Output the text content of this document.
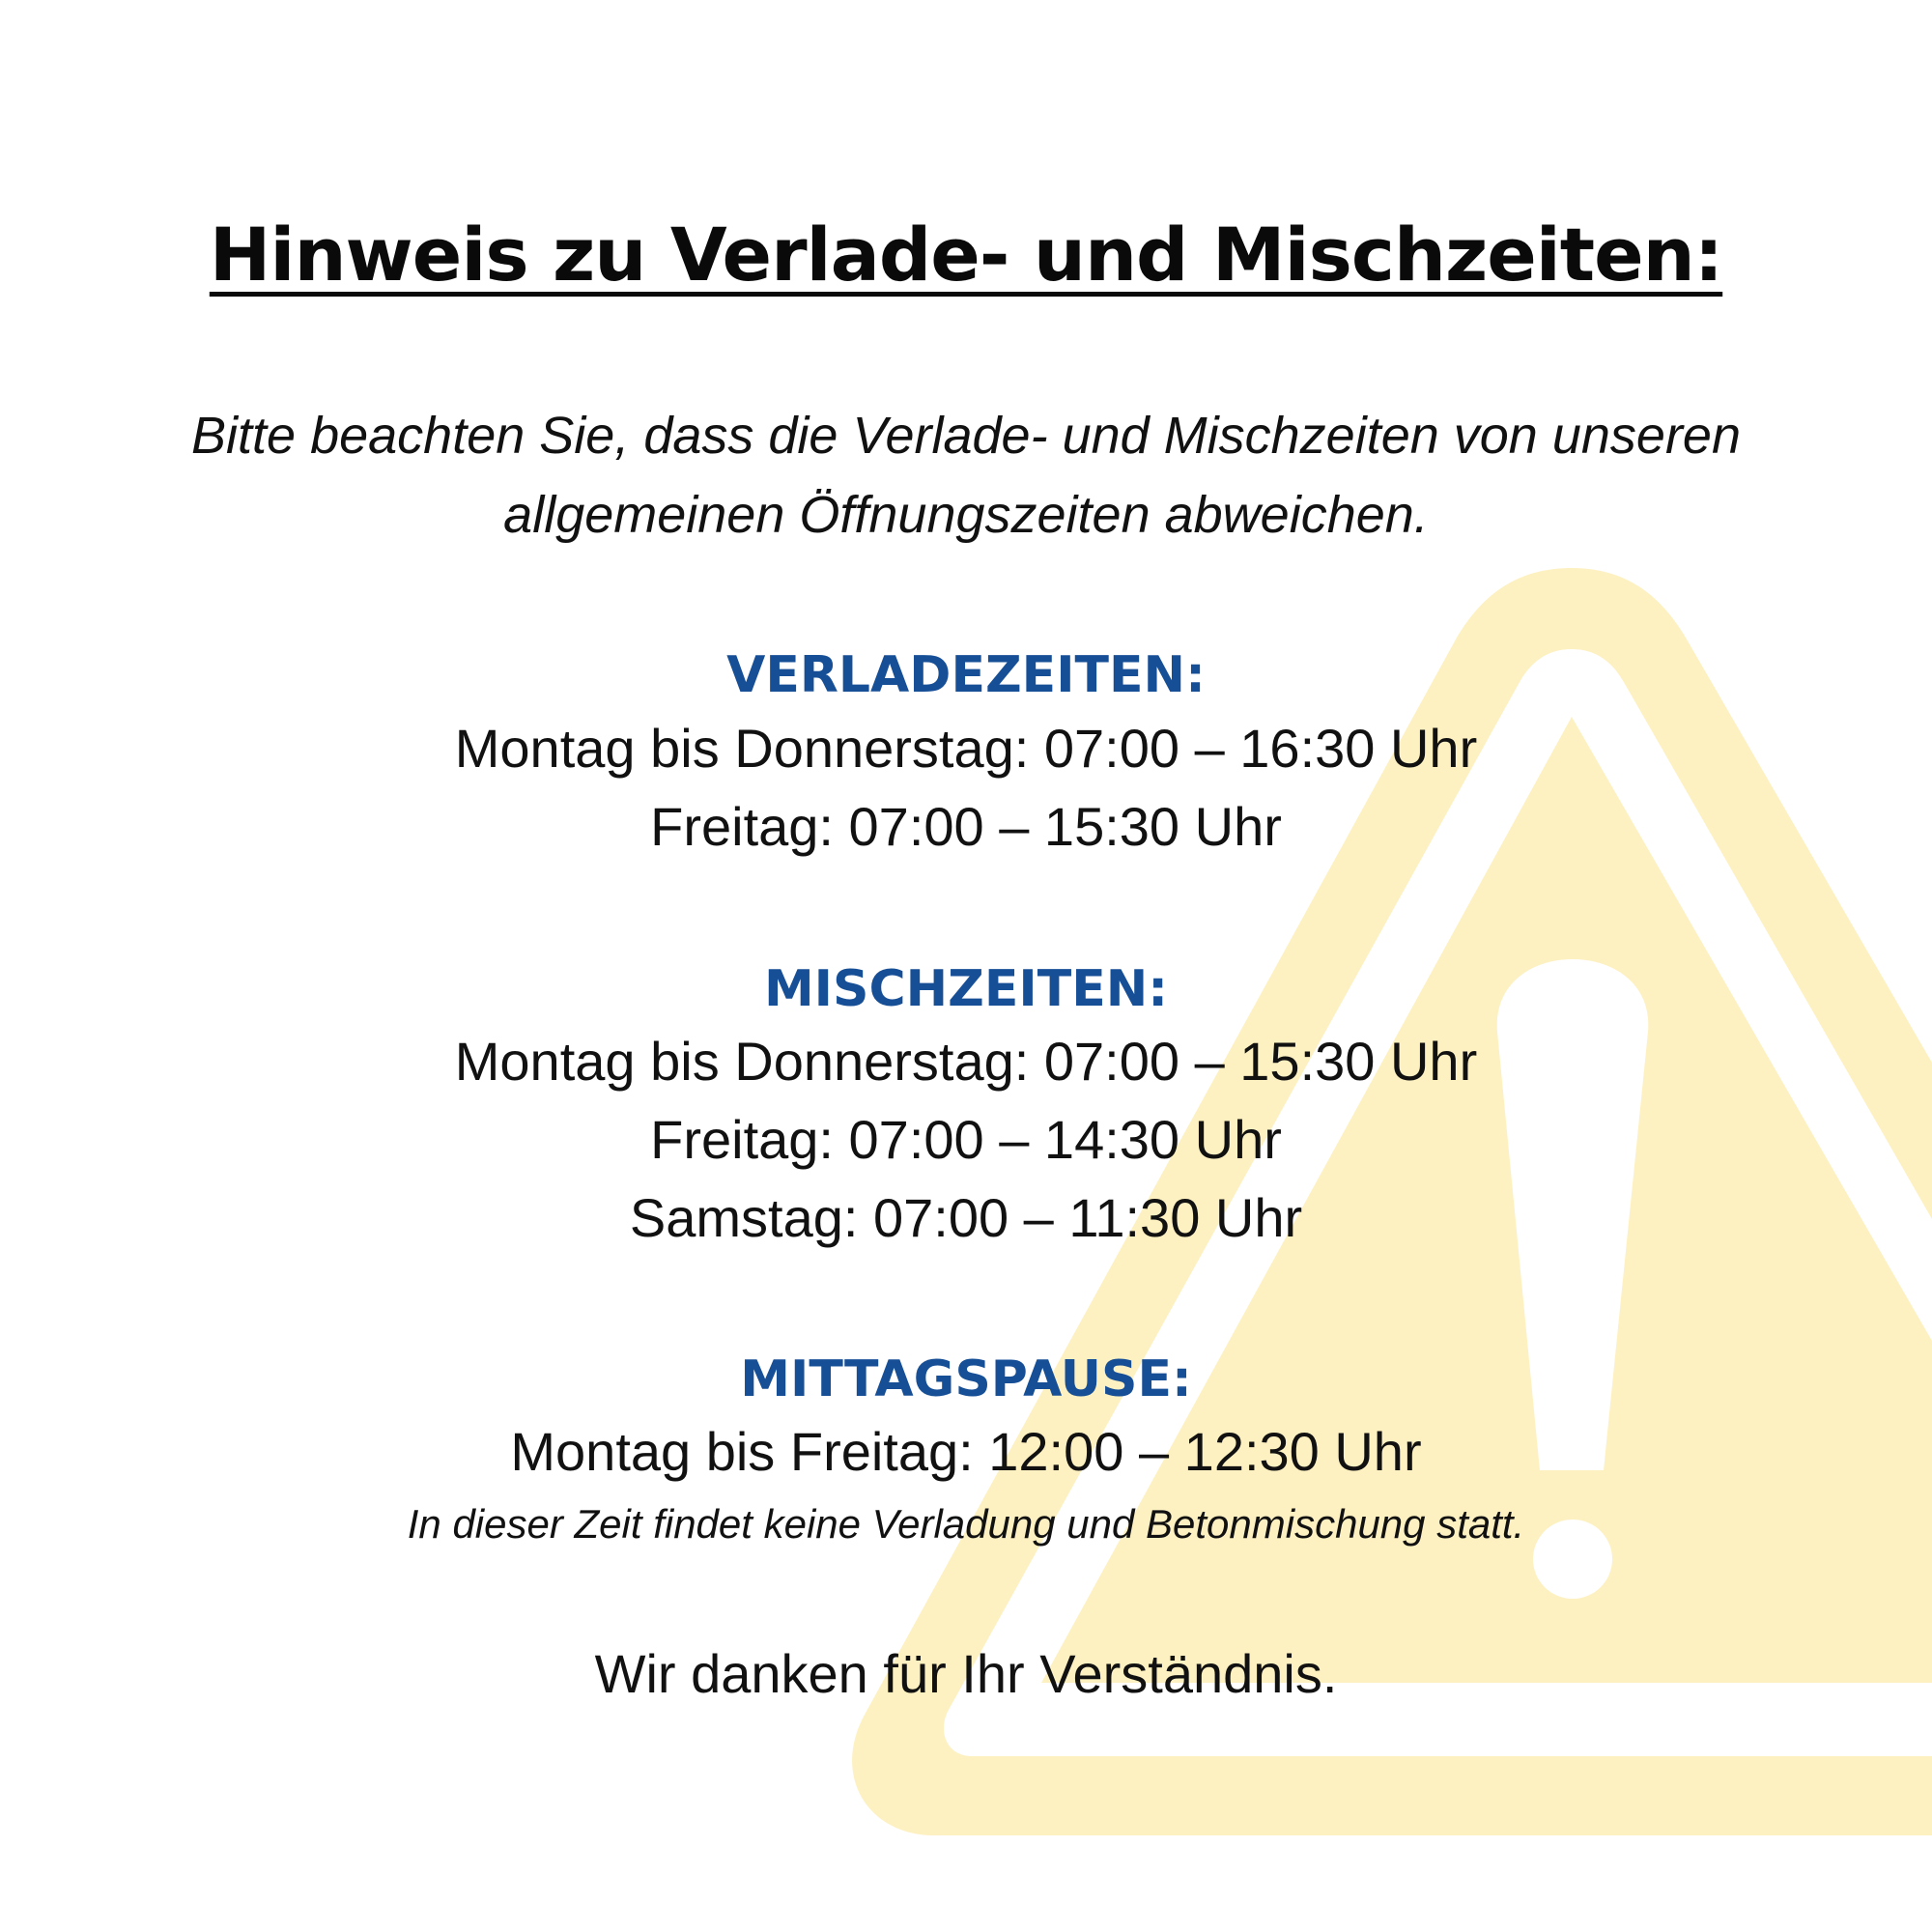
Hinweis zu Verlade- und Mischzeiten:
Bitte beachten Sie, dass die Verlade- und Mischzeiten von unseren
allgemeinen Öffnungszeiten abweichen.
VERLADEZEITEN:
Montag bis Donnerstag: 07:00 – 16:30 Uhr
Freitag: 07:00 – 15:30 Uhr
MISCHZEITEN:
Montag bis Donnerstag: 07:00 – 15:30 Uhr
Freitag: 07:00 – 14:30 Uhr
Samstag: 07:00 – 11:30 Uhr
MITTAGSPAUSE:
Montag bis Freitag: 12:00 – 12:30 Uhr
In dieser Zeit findet keine Verladung und Betonmischung statt.
Wir danken für Ihr Verständnis.
